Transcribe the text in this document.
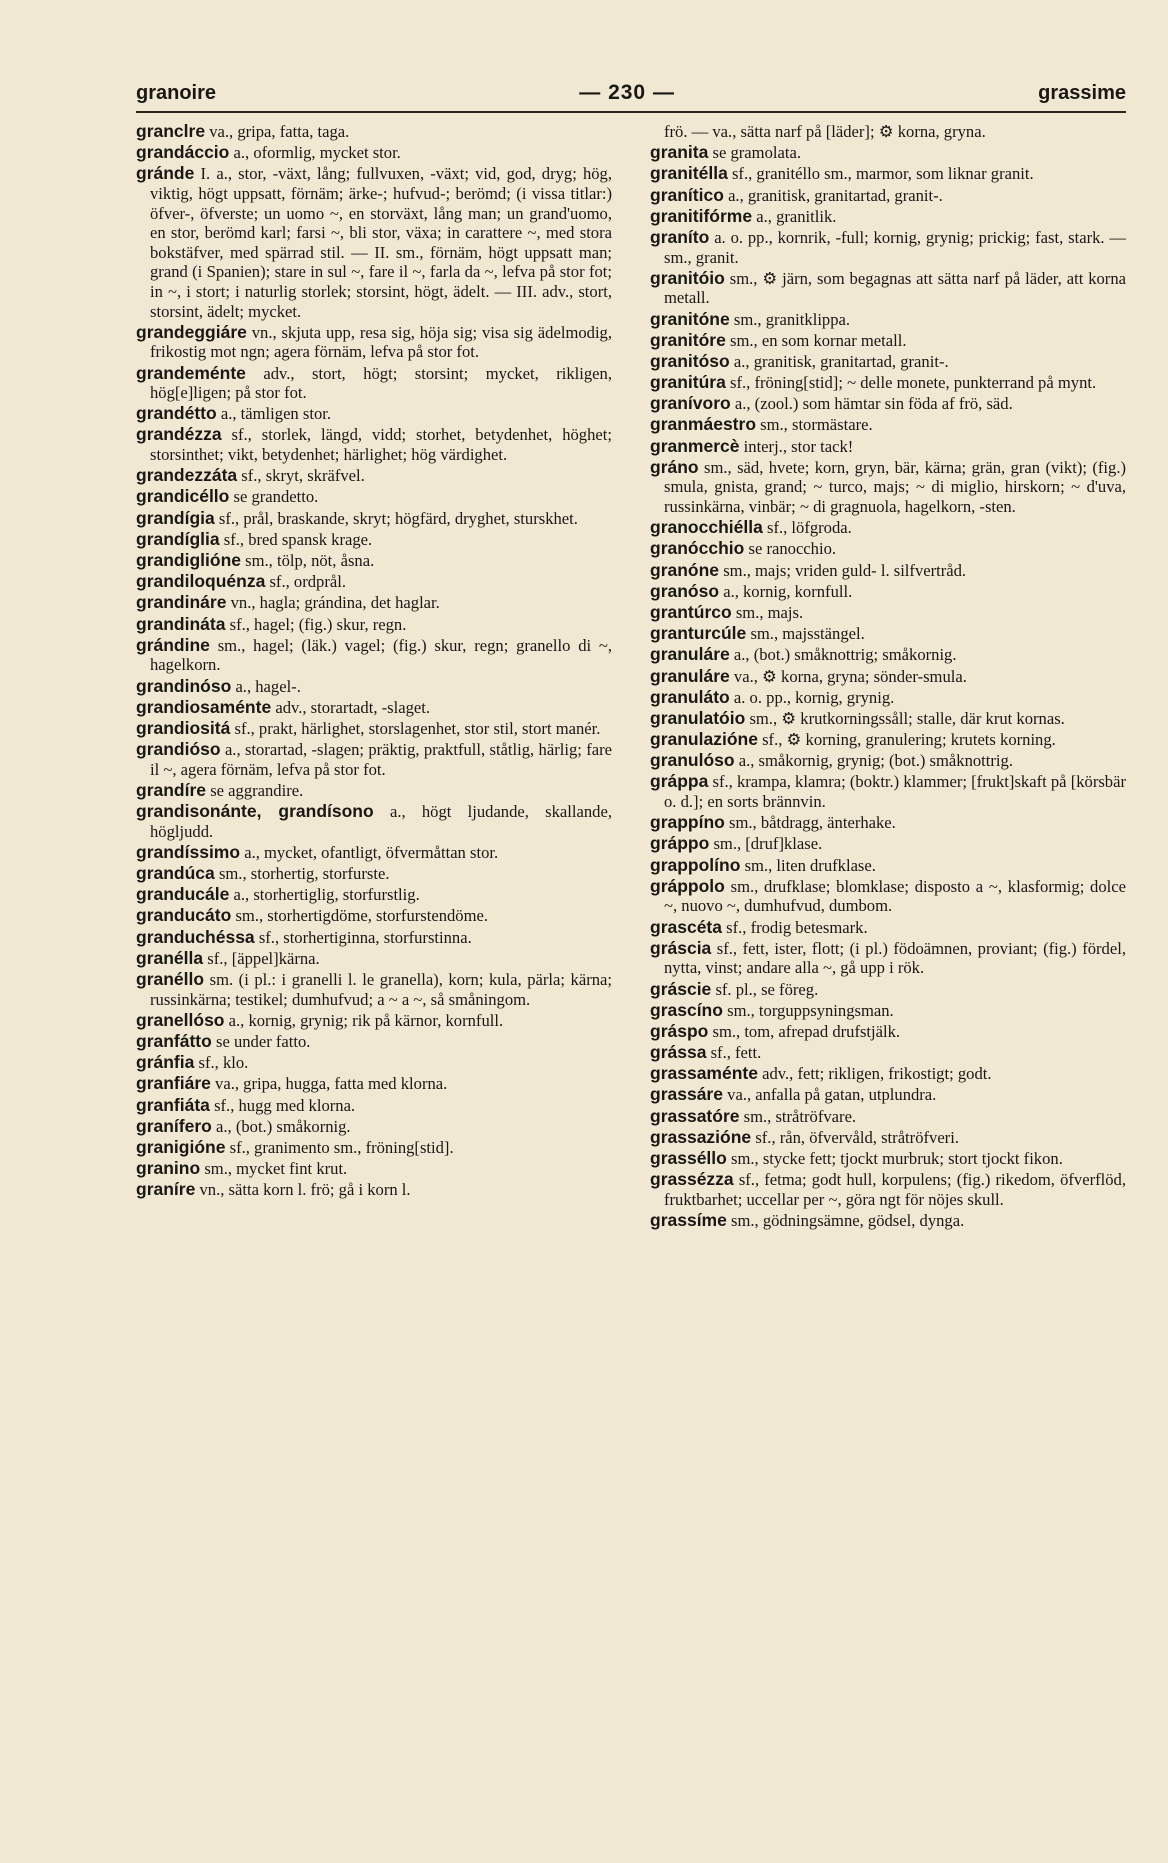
granoire	— 230 —	grassime

granclre va., gripa, fatta, taga.

grandáccio a., oformlig, mycket stor.

gránde I. a., stor, -växt, lång; fullvuxen, -växt; vid, god, dryg; hög, viktig, högt uppsatt, förnäm; ärke-; hufvud-; berömd; (i vissa titlar:) öfver-, öfverste; un uomo ~, en storväxt, lång man; un grand'uomo, en stor, berömd karl; farsi ~, bli stor, växa; in carattere ~, med stora bokstäfver, med spärrad stil. — II. sm., förnäm, högt uppsatt man; grand (i Spanien); stare in sul ~, fare il ~, farla da ~, lefva på stor fot; in ~, i stort; i naturlig storlek; storsint, högt, ädelt. — III. adv., stort, storsint, ädelt; mycket.

grandeggiáre vn., skjuta upp, resa sig, höja sig; visa sig ädelmodig, frikostig mot ngn; agera förnäm, lefva på stor fot.

grandeménte adv., stort, högt; storsint; mycket, rikligen, hög[e]ligen; på stor fot.

grandétto a., tämligen stor.

grandézza sf., storlek, längd, vidd; storhet, betydenhet, höghet; storsinthet; vikt, betydenhet; härlighet; hög värdighet.

grandezzáta sf., skryt, skräfvel.

grandicéllo se grandetto.

grandígia sf., prål, braskande, skryt; högfärd, dryghet, sturskhet.

grandíglia sf., bred spansk krage.

grandiglióne sm., tölp, nöt, åsna.

grandiloquénza sf., ordprål.

grandináre vn., hagla; grándina, det haglar.

grandináta sf., hagel; (fig.) skur, regn.

grándine sm., hagel; (läk.) vagel; (fig.) skur, regn; granello di ~, hagelkorn.

grandinóso a., hagel-.

grandiosaménte adv., storartadt, -slaget.

grandiositá sf., prakt, härlighet, storslagenhet, stor stil, stort manér.

grandióso a., storartad, -slagen; präktig, praktfull, ståtlig, härlig; fare il ~, agera förnäm, lefva på stor fot.

grandíre se aggrandire.

grandisonánte, grandísono a., högt ljudande, skallande, högljudd.

grandíssimo a., mycket, ofantligt, öfvermåttan stor.

grandúca sm., storhertig, storfurste.

granducále a., storhertiglig, storfurstlig.

granducáto sm., storhertigdöme, storfurstendöme.

granduchéssa sf., storhertiginna, storfurstinna.

granélla sf., [äppel]kärna.

granéllo sm. (i pl.: i granelli l. le granella), korn; kula, pärla; kärna; russinkärna; testikel; dumhufvud; a ~ a ~, så småningom.

granellóso a., kornig, grynig; rik på kärnor, kornfull.

granfátto se under fatto.

gránfia sf., klo.

granfiáre va., gripa, hugga, fatta med klorna.

granfiáta sf., hugg med klorna.

granífero a., (bot.) småkornig.

granigióne sf., granimento sm., fröning[stid].

granino sm., mycket fint krut.

graníre vn., sätta korn l. frö; gå i korn l.

frö. — va., sätta narf på [läder]; ⚙ korna, gryna.

granita se gramolata.

granitélla sf., granitéllo sm., marmor, som liknar granit.

granítico a., granitisk, granitartad, granit-.

granitifórme a., granitlik.

graníto a. o. pp., kornrik, -full; kornig, grynig; prickig; fast, stark. — sm., granit.

granitóio sm., ⚙ järn, som begagnas att sätta narf på läder, att korna metall.

granitóne sm., granitklippa.

granitóre sm., en som kornar metall.

granitóso a., granitisk, granitartad, granit-.

granitúra sf., fröning[stid]; ~ delle monete, punkterrand på mynt.

granívoro a., (zool.) som hämtar sin föda af frö, säd.

granmáestro sm., stormästare.

granmercè interj., stor tack!

gráno sm., säd, hvete; korn, gryn, bär, kärna; grän, gran (vikt); (fig.) smula, gnista, grand; ~ turco, majs; ~ di miglio, hirskorn; ~ d'uva, russinkärna, vinbär; ~ di gragnuola, hagelkorn, -sten.

granocchiélla sf., löfgroda.

granócchio se ranocchio.

granóne sm., majs; vriden guld- l. silfvertråd.

granóso a., kornig, kornfull.

grantúrco sm., majs.

granturcúle sm., majsstängel.

granuláre a., (bot.) småknottrig; småkornig.

granuláre va., ⚙ korna, gryna; sönder-smula.

granuláto a. o. pp., kornig, grynig.

granulatóio sm., ⚙ krutkorningssåll; stalle, där krut kornas.

granulazióne sf., ⚙ korning, granulering; krutets korning.

granulóso a., småkornig, grynig; (bot.) småknottrig.

gráppa sf., krampa, klamra; (boktr.) klammer; [frukt]skaft på [körsbär o. d.]; en sorts brännvin.

grappíno sm., båtdragg, änterhake.

gráppo sm., [druf]klase.

grappolíno sm., liten drufklase.

gráppolo sm., drufklase; blomklase; disposto a ~, klasformig; dolce ~, nuovo ~, dumhufvud, dumbom.

grascéta sf., frodig betesmark.

gráscia sf., fett, ister, flott; (i pl.) födoämnen, proviant; (fig.) fördel, nytta, vinst; andare alla ~, gå upp i rök.

gráscie sf. pl., se föreg.

grascíno sm., torguppsyningsman.

gráspo sm., tom, afrepad drufstjälk.

grássa sf., fett.

grassaménte adv., fett; rikligen, frikostigt; godt.

grassáre va., anfalla på gatan, utplundra.

grassatóre sm., stråtröfvare.

grassazióne sf., rån, öfvervåld, stråtröfveri.

grasséllo sm., stycke fett; tjockt murbruk; stort tjockt fikon.

grassézza sf., fetma; godt hull, korpulens; (fig.) rikedom, öfverflöd, fruktbarhet; uccellar per ~, göra ngt för nöjes skull.

grassíme sm., gödningsämne, gödsel, dynga.
